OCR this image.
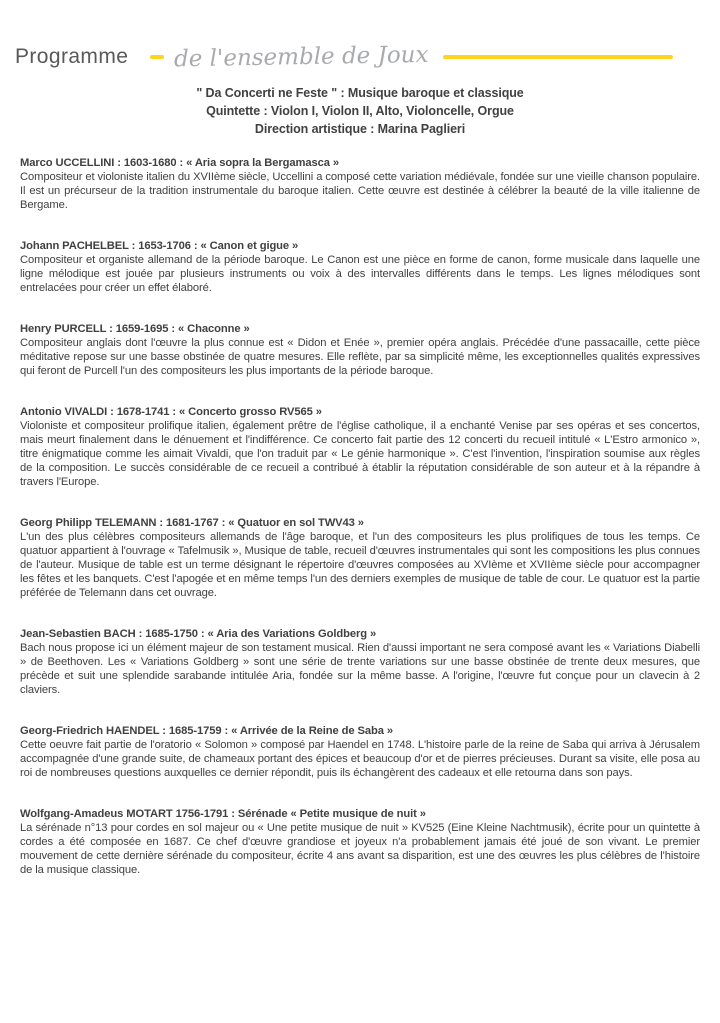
Programme de l'ensemble de Joux
" Da Concerti ne Feste " : Musique baroque et classique
Quintette : Violon I, Violon II, Alto, Violoncelle, Orgue
Direction artistique : Marina Paglieri
Marco UCCELLINI : 1603-1680 : « Aria sopra la Bergamasca »

Compositeur et violoniste italien du XVIIème siècle, Uccellini a composé cette variation médiévale, fondée sur une vieille chanson populaire. Il est un précurseur de la tradition instrumentale du baroque italien. Cette œuvre est destinée à célébrer la beauté de la ville italienne de Bergame.

Johann PACHELBEL : 1653-1706 : « Canon et gigue »

Compositeur et organiste allemand de la période baroque. Le Canon est une pièce en forme de canon, forme musicale dans laquelle une ligne mélodique est jouée par plusieurs instruments ou voix à des intervalles différents dans le temps. Les lignes mélodiques sont entrelacées pour créer un effet élaboré.

Henry PURCELL : 1659-1695 : « Chaconne »

Compositeur anglais dont l'œuvre la plus connue est « Didon et Enée », premier opéra anglais. Précédée d'une passacaille, cette pièce méditative repose sur une basse obstinée de quatre mesures. Elle reflète, par sa simplicité même, les exceptionnelles qualités expressives qui feront de Purcell l'un des compositeurs les plus importants de la période baroque.

Antonio VIVALDI : 1678-1741 : « Concerto grosso RV565 »

Violoniste et compositeur prolifique italien, également prêtre de l'église catholique, il a enchanté Venise par ses opéras et ses concertos, mais meurt finalement dans le dénuement et l'indifférence. Ce concerto fait partie des 12 concerti du recueil intitulé « L'Estro armonico », titre énigmatique comme les aimait Vivaldi, que l'on traduit par « Le génie harmonique ». C'est l'invention, l'inspiration soumise aux règles de la composition. Le succès considérable de ce recueil a contribué à établir la réputation considérable de son auteur et à la répandre à travers l'Europe.

Georg Philipp TELEMANN : 1681-1767 : « Quatuor en sol TWV43 »

L'un des plus célèbres compositeurs allemands de l'âge baroque, et l'un des compositeurs les plus prolifiques de tous les temps. Ce quatuor appartient à l'ouvrage « Tafelmusik », Musique de table, recueil d'œuvres instrumentales qui sont les compositions les plus connues de l'auteur. Musique de table est un terme désignant le répertoire d'œuvres composées au XVIème et XVIIème siècle pour accompagner les fêtes et les banquets. C'est l'apogée et en même temps l'un des derniers exemples de musique de table de cour. Le quatuor est la partie préférée de Telemann dans cet ouvrage.

Jean-Sebastien BACH : 1685-1750 : « Aria des Variations Goldberg »

Bach nous propose ici un élément majeur de son testament musical. Rien d'aussi important ne sera composé avant les « Variations Diabelli » de Beethoven. Les « Variations Goldberg » sont une série de trente variations sur une basse obstinée de trente deux mesures, que précède et suit une splendide sarabande intitulée Aria, fondée sur la même basse. A l'origine, l'œuvre fut conçue pour un clavecin à 2 claviers.

Georg-Friedrich HAENDEL : 1685-1759 : « Arrivée de la Reine de Saba »

Cette oeuvre fait partie de l'oratorio « Solomon » composé par Haendel en 1748. L'histoire parle de la reine de Saba qui arriva à Jérusalem accompagnée d'une grande suite, de chameaux portant des épices et beaucoup d'or et de pierres précieuses. Durant sa visite, elle posa au roi de nombreuses questions auxquelles ce dernier répondit, puis ils échangèrent des cadeaux et elle retourna dans son pays.

Wolfgang-Amadeus MOTART 1756-1791 : Sérénade « Petite musique de nuit »

La sérénade n°13 pour cordes en sol majeur ou « Une petite musique de nuit » KV525 (Eine Kleine Nachtmusik), écrite pour un quintette à cordes a été composée en 1687. Ce chef d'œuvre grandiose et joyeux n'a probablement jamais été joué de son vivant. Le premier mouvement de cette dernière sérénade du compositeur, écrite 4 ans avant sa disparition, est une des œuvres les plus célèbres de l'histoire de la musique classique.
